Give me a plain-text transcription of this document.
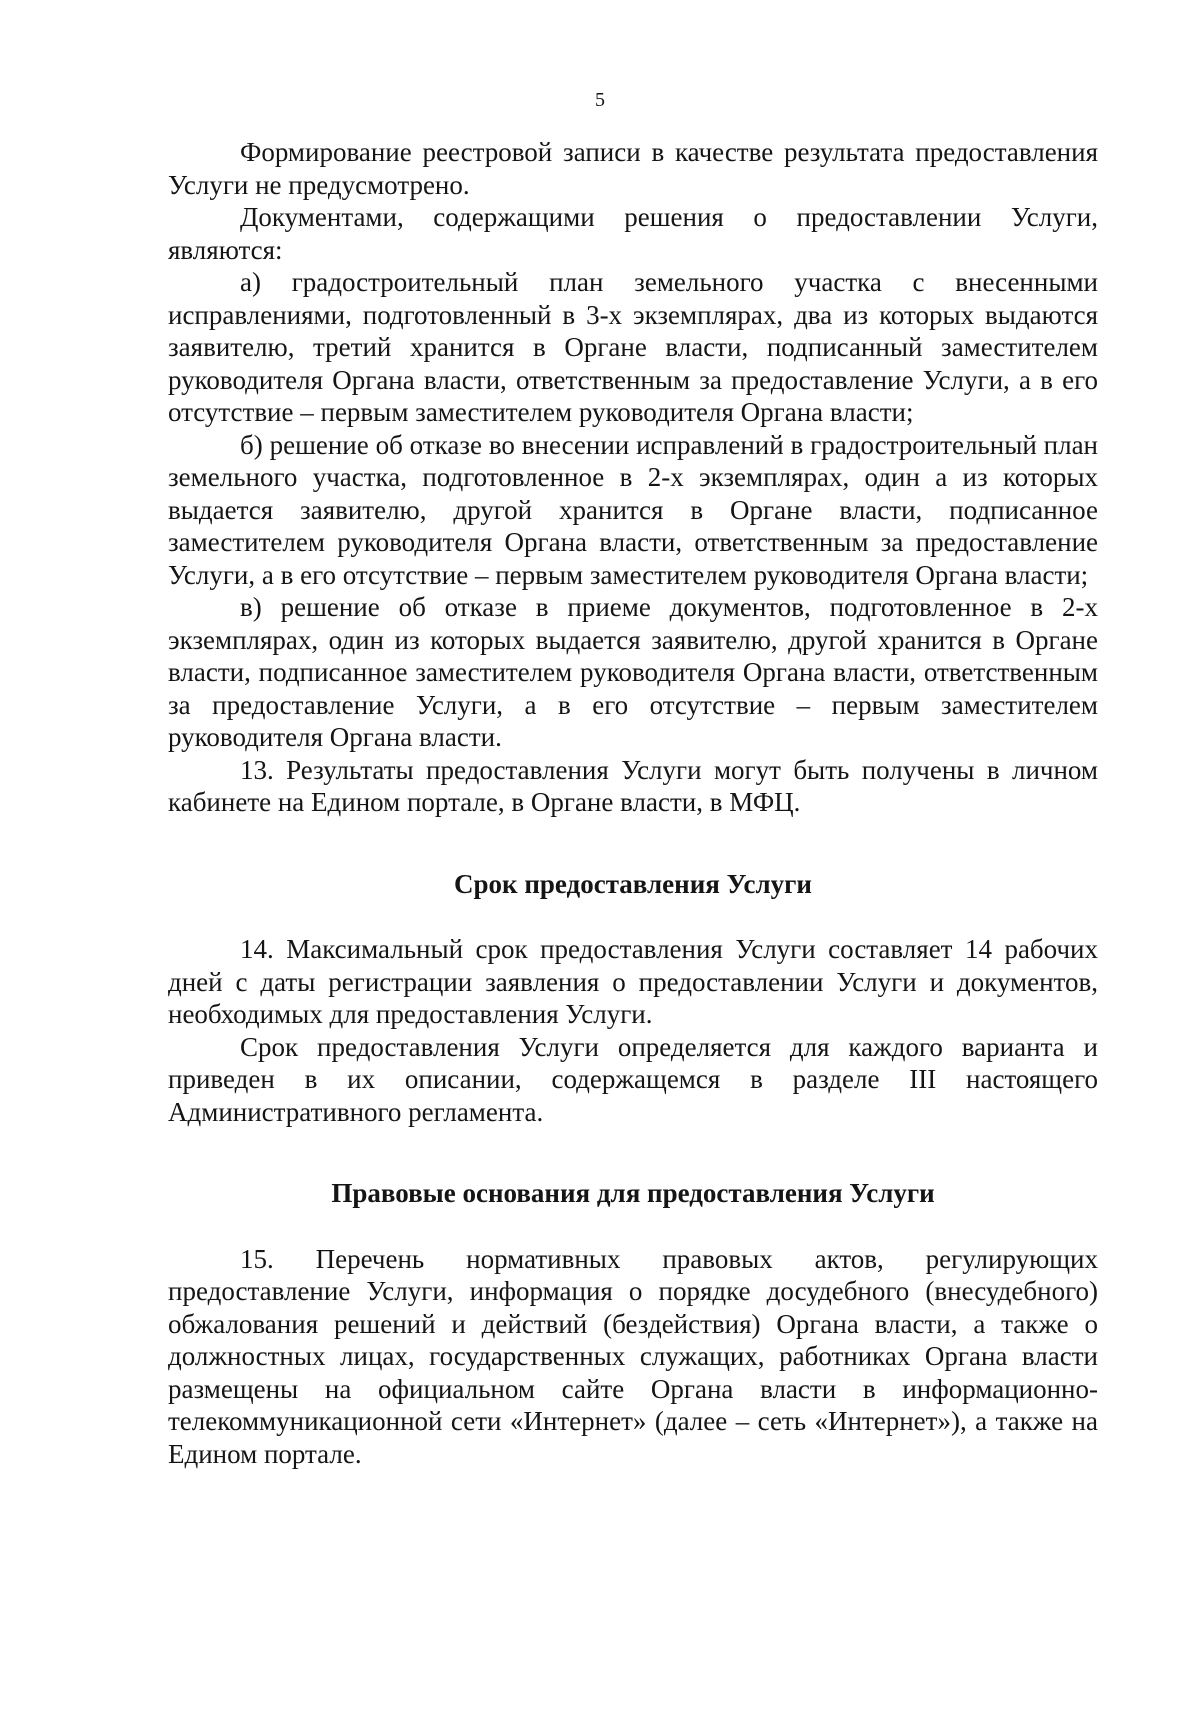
5

Формирование реестровой записи в качестве результата предоставления Услуги не предусмотрено.

Документами, содержащими решения о предоставлении Услуги, являются:

а) градостроительный план земельного участка с внесенными исправлениями, подготовленный в 3-х экземплярах, два из которых выдаются заявителю, третий хранится в Органе власти, подписанный заместителем руководителя Органа власти, ответственным за предоставление Услуги, а в его отсутствие – первым заместителем руководителя Органа власти;

б) решение об отказе во внесении исправлений в градостроительный план земельного участка, подготовленное в 2-х экземплярах, один а из которых выдается заявителю, другой хранится в Органе власти, подписанное заместителем руководителя Органа власти, ответственным за предоставление Услуги, а в его отсутствие – первым заместителем руководителя Органа власти;

в) решение об отказе в приеме документов, подготовленное в 2-х экземплярах, один из которых выдается заявителю, другой хранится в Органе власти, подписанное заместителем руководителя Органа власти, ответственным за предоставление Услуги, а в его отсутствие – первым заместителем руководителя Органа власти.

13. Результаты предоставления Услуги могут быть получены в личном кабинете на Едином портале, в Органе власти, в МФЦ.

Срок предоставления Услуги

14. Максимальный срок предоставления Услуги составляет 14 рабочих дней с даты регистрации заявления о предоставлении Услуги и документов, необходимых для предоставления Услуги.

Срок предоставления Услуги определяется для каждого варианта и приведен в их описании, содержащемся в разделе III настоящего Административного регламента.

Правовые основания для предоставления Услуги

15. Перечень нормативных правовых актов, регулирующих предоставление Услуги, информация о порядке досудебного (внесудебного) обжалования решений и действий (бездействия) Органа власти, а также о должностных лицах, государственных служащих, работниках Органа власти размещены на официальном сайте Органа власти в информационно-телекоммуникационной сети «Интернет» (далее – сеть «Интернет»), а также на Едином портале.
